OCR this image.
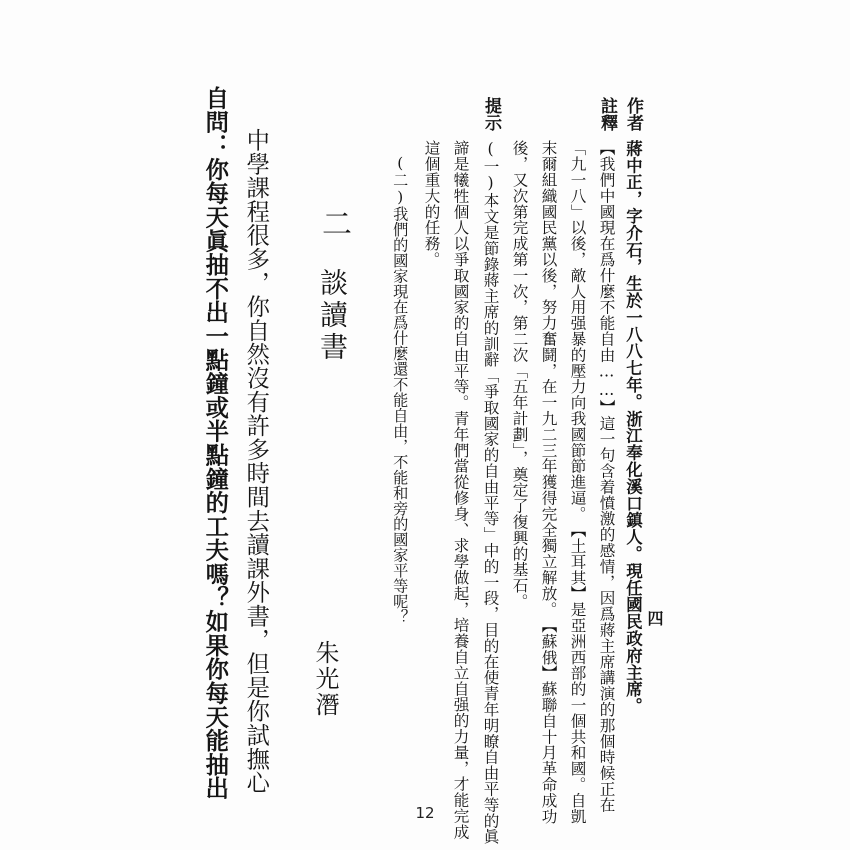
作者
蔣中正，字介石，生於一八八七年。浙江奉化溪口鎮人。現任國民政府主席。 四
註釋
【我們中國現在爲什麼不能自由……】這一句含着憤激的感情，因爲蔣主席講演的那個時候正在
「九一八」以後，敵人用强暴的壓力向我國節節進逼。　【土耳其】是亞洲西部的一個共和國。自凱
末爾組織國民黨以後，努力奮鬪，在一九二三年獲得完全獨立解放。　【蘇俄】蘇聯自十月革命成功
後，又次第完成第一次，第二次「五年計劃」，奠定了復興的基石。
提示
(一)本文是節錄蔣主席的訓辭「爭取國家的自由平等」中的一段，目的在使青年明瞭自由平等的眞
諦是犧牲個人以爭取國家的自由平等。青年們當從修身、求學做起，培養自立自强的力量，才能完成
這個重大的任務。
(二)我們的國家現在爲什麼還不能自由，不能和旁的國家平等呢？
二
談讀書
朱光潛
中學課程很多，你自然沒有許多時間去讀課外書，但是你試撫心
自問：你每天眞抽不出一點鐘或半點鐘的工夫嗎？如果你每天能抽出
12
